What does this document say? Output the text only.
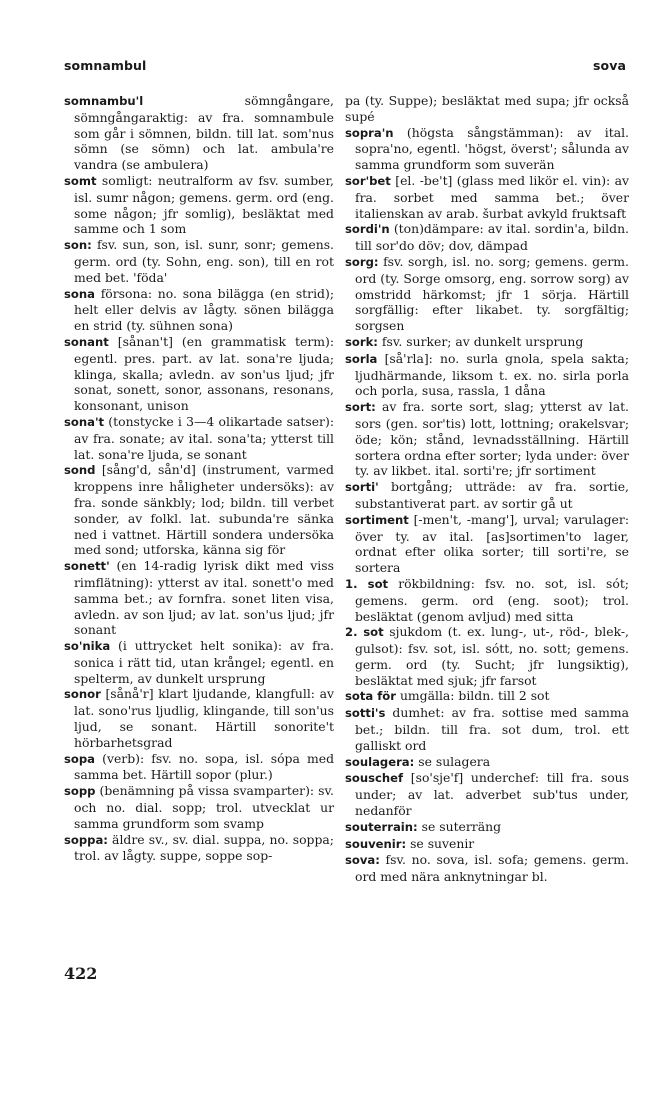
somnambul	sova

somnambu'l sömngångare, sömngångaraktig: av fra. somnambule som går i sömnen, bildn. till lat. som'nus sömn (se sömn) och lat. ambula're vandra (se ambulera)

somt somligt: neutralform av fsv. sumber, isl. sumr någon; gemens. germ. ord (eng. some någon; jfr somlig), besläktat med samme och 1 som

son: fsv. sun, son, isl. sunr, sonr; gemens. germ. ord (ty. Sohn, eng. son), till en rot med bet. 'föda'

sona försona: no. sona bilägga (en strid); helt eller delvis av lågty. sönen bilägga en strid (ty. sühnen sona)

sonant [sånan't] (en grammatisk term): egentl. pres. part. av lat. sona're ljuda; klinga, skalla; avledn. av son'us ljud; jfr sonat, sonett, sonor, assonans, resonans, konsonant, unison

sona't (tonstycke i 3—4 olikartade satser): av fra. sonate; av ital. sona'ta; ytterst till lat. sona're ljuda, se sonant

sond [sång'd, sån'd] (instrument, varmed kroppens inre håligheter undersöks): av fra. sonde sänkbly; lod; bildn. till verbet sonder, av folkl. lat. subunda're sänka ned i vattnet. Härtill sondera undersöka med sond; utforska, känna sig för

sonett' (en 14-radig lyrisk dikt med viss rimflätning): ytterst av ital. sonett'o med samma bet.; av fornfra. sonet liten visa, avledn. av son ljud; av lat. son'us ljud; jfr sonant

so'nika (i uttrycket helt sonika): av fra. sonica i rätt tid, utan krångel; egentl. en spelterm, av dunkelt ursprung

sonor [sånå'r] klart ljudande, klangfull: av lat. sono'rus ljudlig, klingande, till son'us ljud, se sonant. Härtill sonorite't hörbarhetsgrad

sopa (verb): fsv. no. sopa, isl. sópa med samma bet. Härtill sopor (plur.)

sopp (benämning på vissa svamparter): sv. och no. dial. sopp; trol. utvecklat ur samma grundform som svamp

soppa: äldre sv., sv. dial. suppa, no. soppa; trol. av lågty. suppe, soppe sop-

pa (ty. Suppe); besläktat med supa; jfr också supé

sopra'n (högsta sångstämman): av ital. sopra'no, egentl. 'högst, överst'; sålunda av samma grundform som suverän

sor'bet [el. -be't] (glass med likör el. vin): av fra. sorbet med samma bet.; över italienskan av arab. šurbat avkyld fruktsaft

sordi'n (ton)dämpare: av ital. sordin'a, bildn. till sor'do döv; dov, dämpad

sorg: fsv. sorgh, isl. no. sorg; gemens. germ. ord (ty. Sorge omsorg, eng. sorrow sorg) av omstridd härkomst; jfr 1 sörja. Härtill sorgfällig: efter likabet. ty. sorgfältig; sorgsen

sork: fsv. surker; av dunkelt ursprung

sorla [så'rla]: no. surla gnola, spela sakta; ljudhärmande, liksom t. ex. no. sirla porla och porla, susa, rassla, 1 dåna

sort: av fra. sorte sort, slag; ytterst av lat. sors (gen. sor'tis) lott, lottning; orakelsvar; öde; kön; stånd, levnadsställning. Härtill sortera ordna efter sorter; lyda under: över ty. av likbet. ital. sorti're; jfr sortiment

sorti' bortgång; utträde: av fra. sortie, substantiverat part. av sortir gå ut

sortiment [-men't, -mang'], urval; varulager: över ty. av ital. [as]sortimen'to lager, ordnat efter olika sorter; till sorti're, se sortera

1. sot rökbildning: fsv. no. sot, isl. sót; gemens. germ. ord (eng. soot); trol. besläktat (genom avljud) med sitta

2. sot sjukdom (t. ex. lung-, ut-, röd-, blek-, gulsot): fsv. sot, isl. sótt, no. sott; gemens. germ. ord (ty. Sucht; jfr lungsiktig), besläktat med sjuk; jfr farsot

sota för umgälla: bildn. till 2 sot

sotti's dumhet: av fra. sottise med samma bet.; bildn. till fra. sot dum, trol. ett galliskt ord

soulagera: se sulagera

souschef [so'sje'f] underchef: till fra. sous under; av lat. adverbet sub'tus under, nedanför

souterrain: se suterräng

souvenir: se suvenir

sova: fsv. no. sova, isl. sofa; gemens. germ. ord med nära anknytningar bl.

422
